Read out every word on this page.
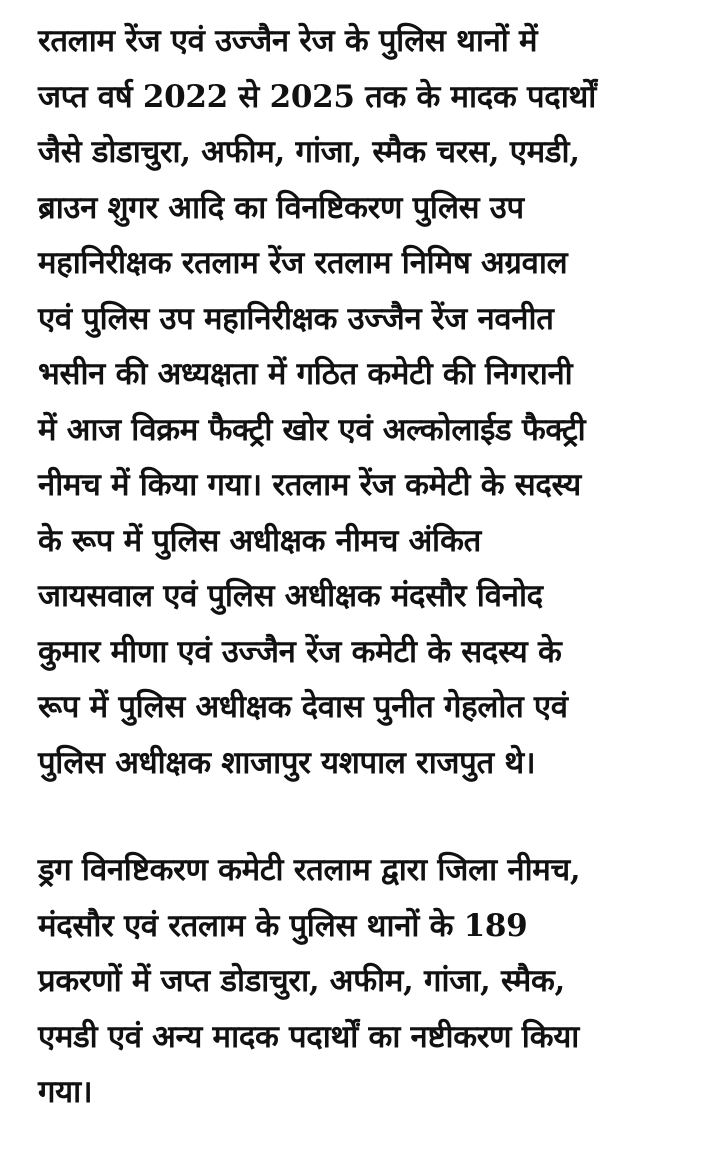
रतलाम रेंज एवं उज्जैन रेज के पुलिस थानों में
जप्त वर्ष 2022 से 2025 तक के मादक पदार्थों
जैसे डोडाचुरा, अफीम, गांजा, स्मैक चरस, एमडी,
ब्राउन शुगर आदि का विनष्टिकरण पुलिस उप
महानिरीक्षक रतलाम रेंज रतलाम निमिष अग्रवाल
एवं पुलिस उप महानिरीक्षक उज्जैन रेंज नवनीत
भसीन की अध्यक्षता में गठित कमेटी की निगरानी
में आज विक्रम फैक्ट्री खोर एवं अल्कोलाईड फैक्ट्री
नीमच में किया गया। रतलाम रेंज कमेटी के सदस्य
के रूप में पुलिस अधीक्षक नीमच अंकित
जायसवाल एवं पुलिस अधीक्षक मंदसौर विनोद
कुमार मीणा एवं उज्जैन रेंज कमेटी के सदस्य के
रूप में पुलिस अधीक्षक देवास पुनीत गेहलोत एवं
पुलिस अधीक्षक शाजापुर यशपाल राजपुत थे।
ड्रग विनष्टिकरण कमेटी रतलाम द्वारा जिला नीमच,
मंदसौर एवं रतलाम के पुलिस थानों के 189
प्रकरणों में जप्त डोडाचुरा, अफीम, गांजा, स्मैक,
एमडी एवं अन्य मादक पदार्थों का नष्टीकरण किया
गया।
